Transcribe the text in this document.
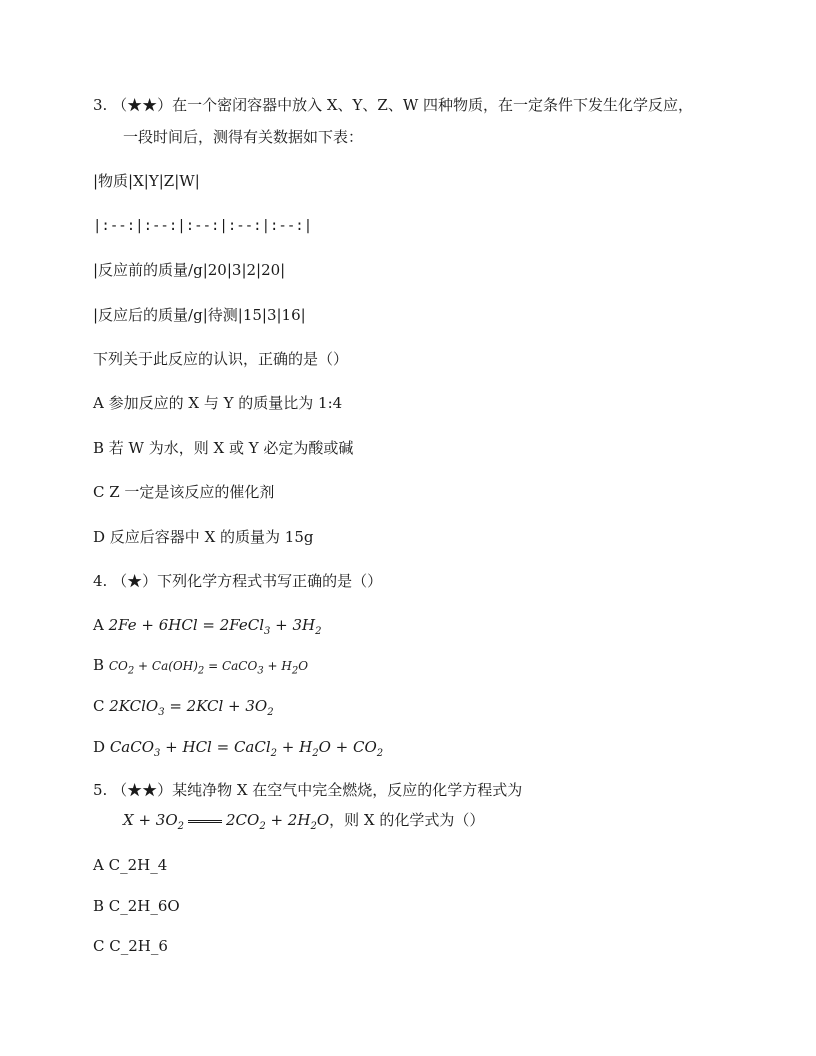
3. （★★）在一个密闭容器中放入 X、Y、Z、W 四种物质，在一定条件下发生化学反应，
一段时间后，测得有关数据如下表：
|物质|X|Y|Z|W|
|:--:|:--:|:--:|:--:|:--:|
|反应前的质量/g|20|3|2|20|
|反应后的质量/g|待测|15|3|16|
下列关于此反应的认识，正确的是（）
A 参加反应的 X 与 Y 的质量比为 1:4
B 若 W 为水，则 X 或 Y 必定为酸或碱
C Z 一定是该反应的催化剂
D 反应后容器中 X 的质量为 15g
4. （★）下列化学方程式书写正确的是（）
A 2Fe + 6HCl = 2FeCl$_3$ + $3H_2$
B $CO_2 + Ca(OH)_2$ = CaCO$_3$ + $H_2O$
C 2KClO$_3$ = $2KCl + 3O_2$
D CaCO$_3$ + HCl = CaCl$_2$ + $H_2O + CO_2$
5. （★★）某纯净物 X 在空气中完全燃烧，反应的化学方程式为
$X + 3O_2$	$2CO_2 + 2H_2O$，则 X 的化学式为（）
A C_2H_4
B C_2H_6O
C C_2H_6
